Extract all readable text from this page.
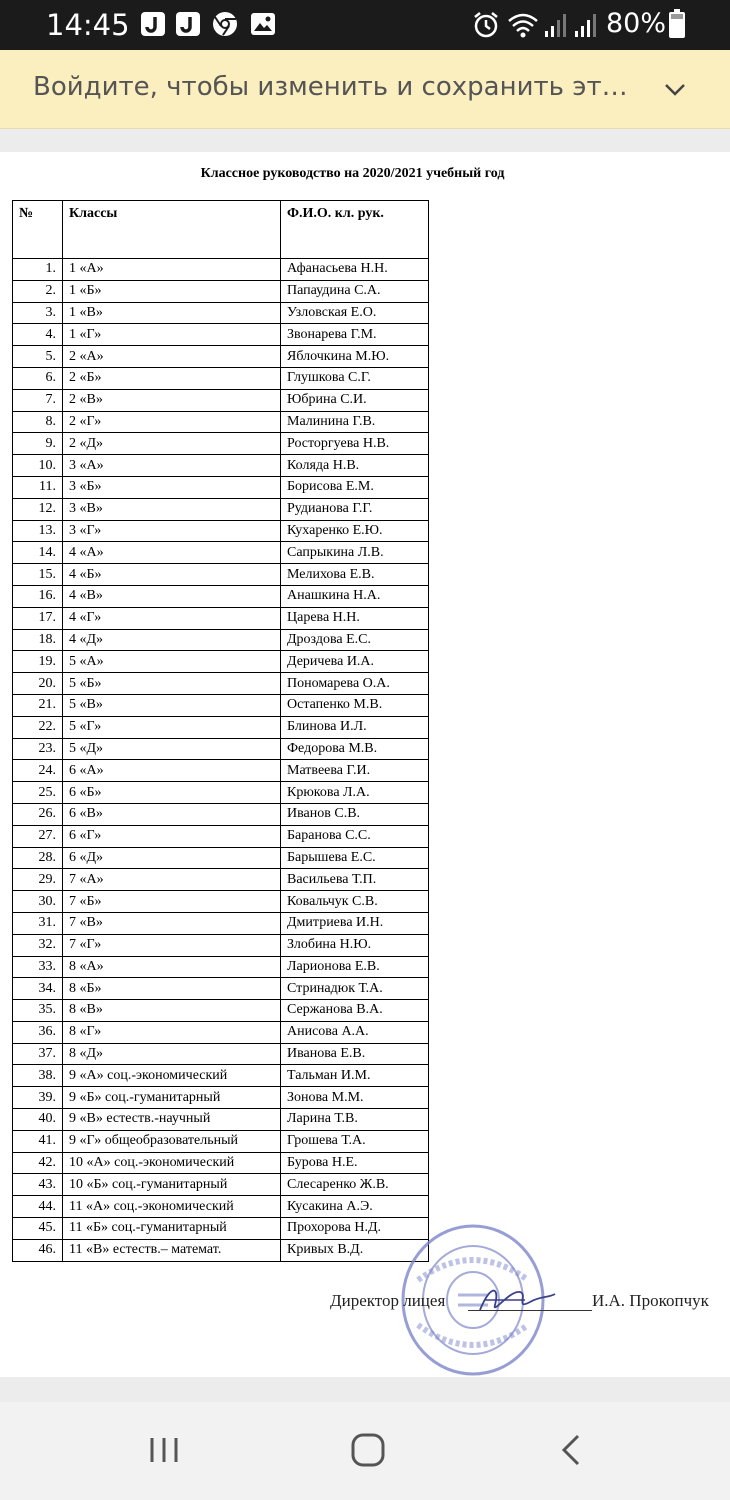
14:45	80%
Войдите, чтобы изменить и сохранить эт…
Классное руководство на 2020/2021 учебный год
№	Классы	Ф.И.О. кл. рук.
1.	1 «А»	Афанасьева Н.Н.
2.	1 «Б»	Папаудина С.А.
3.	1 «В»	Узловская Е.О.
4.	1 «Г»	Звонарева Г.М.
5.	2 «А»	Яблочкина М.Ю.
6.	2 «Б»	Глушкова С.Г.
7.	2 «В»	Юбрина С.И.
8.	2 «Г»	Малинина Г.В.
9.	2 «Д»	Росторгуева Н.В.
10.	3 «А»	Коляда Н.В.
11.	3 «Б»	Борисова Е.М.
12.	3 «В»	Рудианова Г.Г.
13.	3 «Г»	Кухаренко Е.Ю.
14.	4 «А»	Сапрыкина Л.В.
15.	4 «Б»	Мелихова Е.В.
16.	4 «В»	Анашкина Н.А.
17.	4 «Г»	Царева Н.Н.
18.	4 «Д»	Дроздова Е.С.
19.	5 «А»	Деричева И.А.
20.	5 «Б»	Пономарева О.А.
21.	5 «В»	Остапенко М.В.
22.	5 «Г»	Блинова И.Л.
23.	5 «Д»	Федорова М.В.
24.	6 «А»	Матвеева Г.И.
25.	6 «Б»	Крюкова Л.А.
26.	6 «В»	Иванов С.В.
27.	6 «Г»	Баранова С.С.
28.	6 «Д»	Барышева Е.С.
29.	7 «А»	Васильева Т.П.
30.	7 «Б»	Ковальчук С.В.
31.	7 «В»	Дмитриева И.Н.
32.	7 «Г»	Злобина Н.Ю.
33.	8 «А»	Ларионова Е.В.
34.	8 «Б»	Стринадюк Т.А.
35.	8 «В»	Сержанова В.А.
36.	8 «Г»	Анисова А.А.
37.	8 «Д»	Иванова Е.В.
38.	9 «А» соц.-экономический	Тальман И.М.
39.	9 «Б» соц.-гуманитарный	Зонова М.М.
40.	9 «В» естеств.-научный	Ларина Т.В.
41.	9 «Г» общеобразовательный	Грошева Т.А.
42.	10 «А» соц.-экономический	Бурова Н.Е.
43.	10 «Б» соц.-гуманитарный	Слесаренко Ж.В.
44.	11 «А» соц.-экономический	Кусакина А.Э.
45.	11 «Б» соц.-гуманитарный	Прохорова Н.Д.
46.	11 «В» естеств.– математ.	Кривых В.Д.
Директор лицея	И.А. Прокопчук
